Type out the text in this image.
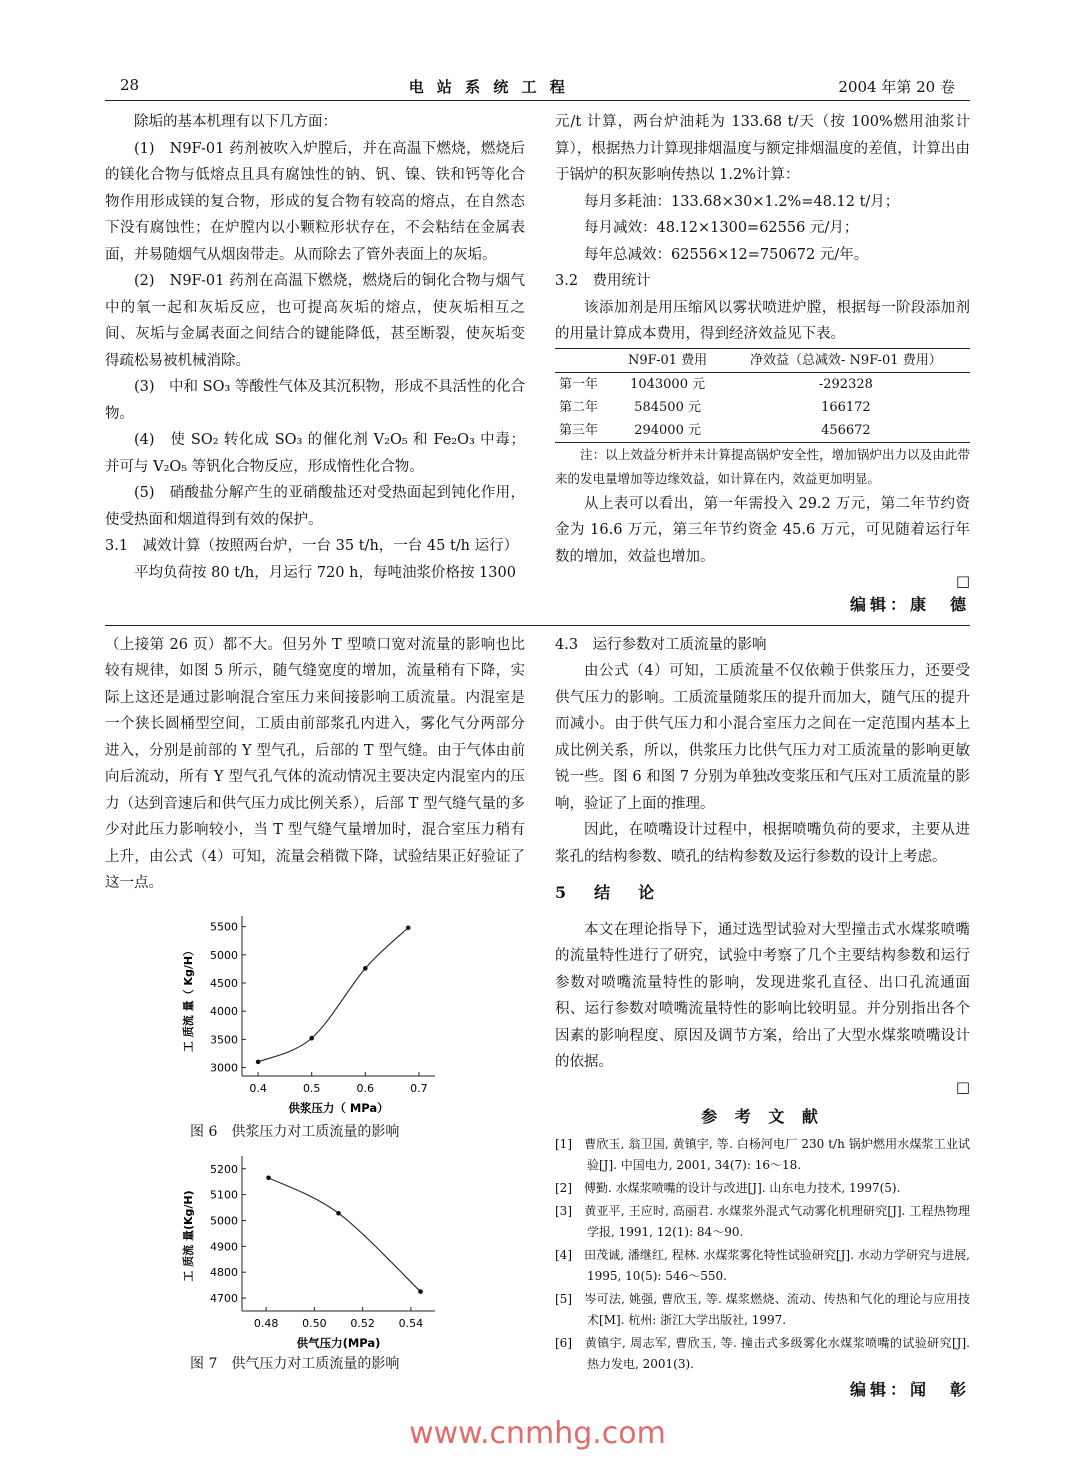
28	电 站 系 统 工 程	2004 年第 20 卷

除垢的基本机理有以下几方面：

(1)　N9F-01 药剂被吹入炉膛后，并在高温下燃烧，燃烧后的镁化合物与低熔点且具有腐蚀性的钠、钒、镍、铁和钙等化合物作用形成镁的复合物，形成的复合物有较高的熔点，在自然态下没有腐蚀性；在炉膛内以小颗粒形状存在，不会粘结在金属表面，并易随烟气从烟囱带走。从而除去了管外表面上的灰垢。

(2)　N9F-01 药剂在高温下燃烧，燃烧后的铜化合物与烟气中的氧一起和灰垢反应，也可提高灰垢的熔点，使灰垢相互之间、灰垢与金属表面之间结合的键能降低，甚至断裂，使灰垢变得疏松易被机械消除。

(3)　中和 SO₃ 等酸性气体及其沉积物，形成不具活性的化合物。

(4)　使 SO₂ 转化成 SO₃ 的催化剂 V₂O₅ 和 Fe₂O₃ 中毒；并可与 V₂O₅ 等钒化合物反应，形成惰性化合物。

(5)　硝酸盐分解产生的亚硝酸盐还对受热面起到钝化作用，使受热面和烟道得到有效的保护。

3.1　减效计算（按照两台炉，一台 35 t/h，一台 45 t/h 运行）

平均负荷按 80 t/h，月运行 720 h，每吨油浆价格按 1300

元/t 计算，两台炉油耗为 133.68 t/天（按 100%燃用油浆计算），根据热力计算现排烟温度与额定排烟温度的差值，计算出由于锅炉的积灰影响传热以 1.2%计算：

每月多耗油：133.68×30×1.2%=48.12 t/月；

每月减效：48.12×1300=62556 元/月；

每年总减效：62556×12=750672 元/年。

3.2　费用统计

该添加剂是用压缩风以雾状喷进炉膛，根据每一阶段添加剂的用量计算成本费用，得到经济效益见下表。

	N9F-01 费用	净效益（总减效- N9F-01 费用）
第一年	1043000 元	-292328
第二年	584500 元	166172
第三年	294000 元	456672

注：以上效益分析并未计算提高锅炉安全性，增加锅炉出力以及由此带来的发电量增加等边缘效益，如计算在内，效益更加明显。

从上表可以看出，第一年需投入 29.2 万元，第二年节约资金为 16.6 万元，第三年节约资金 45.6 万元，可见随着运行年数的增加，效益也增加。

□
编辑：康　德

（上接第 26 页）都不大。但另外 T 型喷口宽对流量的影响也比较有规律，如图 5 所示，随气缝宽度的增加，流量稍有下降，实际上这还是通过影响混合室压力来间接影响工质流量。内混室是一个狭长圆桶型空间，工质由前部浆孔内进入，雾化气分两部分进入，分别是前部的 Y 型气孔，后部的 T 型气缝。由于气体由前向后流动，所有 Y 型气孔气体的流动情况主要决定内混室内的压力（达到音速后和供气压力成比例关系），后部 T 型气缝气量的多少对此压力影响较小，当 T 型气缝气量增加时，混合室压力稍有上升，由公式（4）可知，流量会稍微下降，试验结果正好验证了这一点。

3000
3500
4000
4500
5000
5500
0.4	0.5	0.6	0.7
供浆压力（ MPa）
工 质流 量（ Kg/H）
图 6　供浆压力对工质流量的影响
4700
4800
4900
5000
5100
5200
0.48 0.50 0.52 0.54
供气压力(MPa)
工 质流 量(Kg/H)
图 7　供气压力对工质流量的影响
4.3　运行参数对工质流量的影响

由公式（4）可知，工质流量不仅依赖于供浆压力，还要受供气压力的影响。工质流量随浆压的提升而加大，随气压的提升而减小。由于供气压力和小混合室压力之间在一定范围内基本上成比例关系，所以，供浆压力比供气压力对工质流量的影响更敏锐一些。图 6 和图 7 分别为单独改变浆压和气压对工质流量的影响，验证了上面的推理。

因此，在喷嘴设计过程中，根据喷嘴负荷的要求，主要从进浆孔的结构参数、喷孔的结构参数及运行参数的设计上考虑。

5　结　论

本文在理论指导下，通过选型试验对大型撞击式水煤浆喷嘴的流量特性进行了研究，试验中考察了几个主要结构参数和运行参数对喷嘴流量特性的影响，发现进浆孔直径、出口孔流通面积、运行参数对喷嘴流量特性的影响比较明显。并分别指出各个因素的影响程度、原因及调节方案，给出了大型水煤浆喷嘴设计的依据。

□
参 考 文 献
[1]　曹欣玉, 翁卫国, 黄镇宇, 等. 白杨河电厂 230 t/h 锅炉燃用水煤浆工业试验[J]. 中国电力, 2001, 34(7): 16～18.
[2]　傅勤. 水煤浆喷嘴的设计与改进[J]. 山东电力技术, 1997(5).
[3]　黄亚平, 王应时, 高丽君. 水煤浆外混式气动雾化机理研究[J]. 工程热物理学报, 1991, 12(1): 84～90.
[4]　田茂诚, 潘继红, 程林. 水煤浆雾化特性试验研究[J]. 水动力学研究与进展, 1995, 10(5): 546～550.
[5]　岑可法, 姚强, 曹欣玉, 等. 煤浆燃烧、流动、传热和气化的理论与应用技术[M]. 杭州: 浙江大学出版社, 1997.
[6]　黄镇宇, 周志军, 曹欣玉, 等. 撞击式多级雾化水煤浆喷嘴的试验研究[J]. 热力发电, 2001(3).
编辑：闻　彰
www.cnmhg.com
